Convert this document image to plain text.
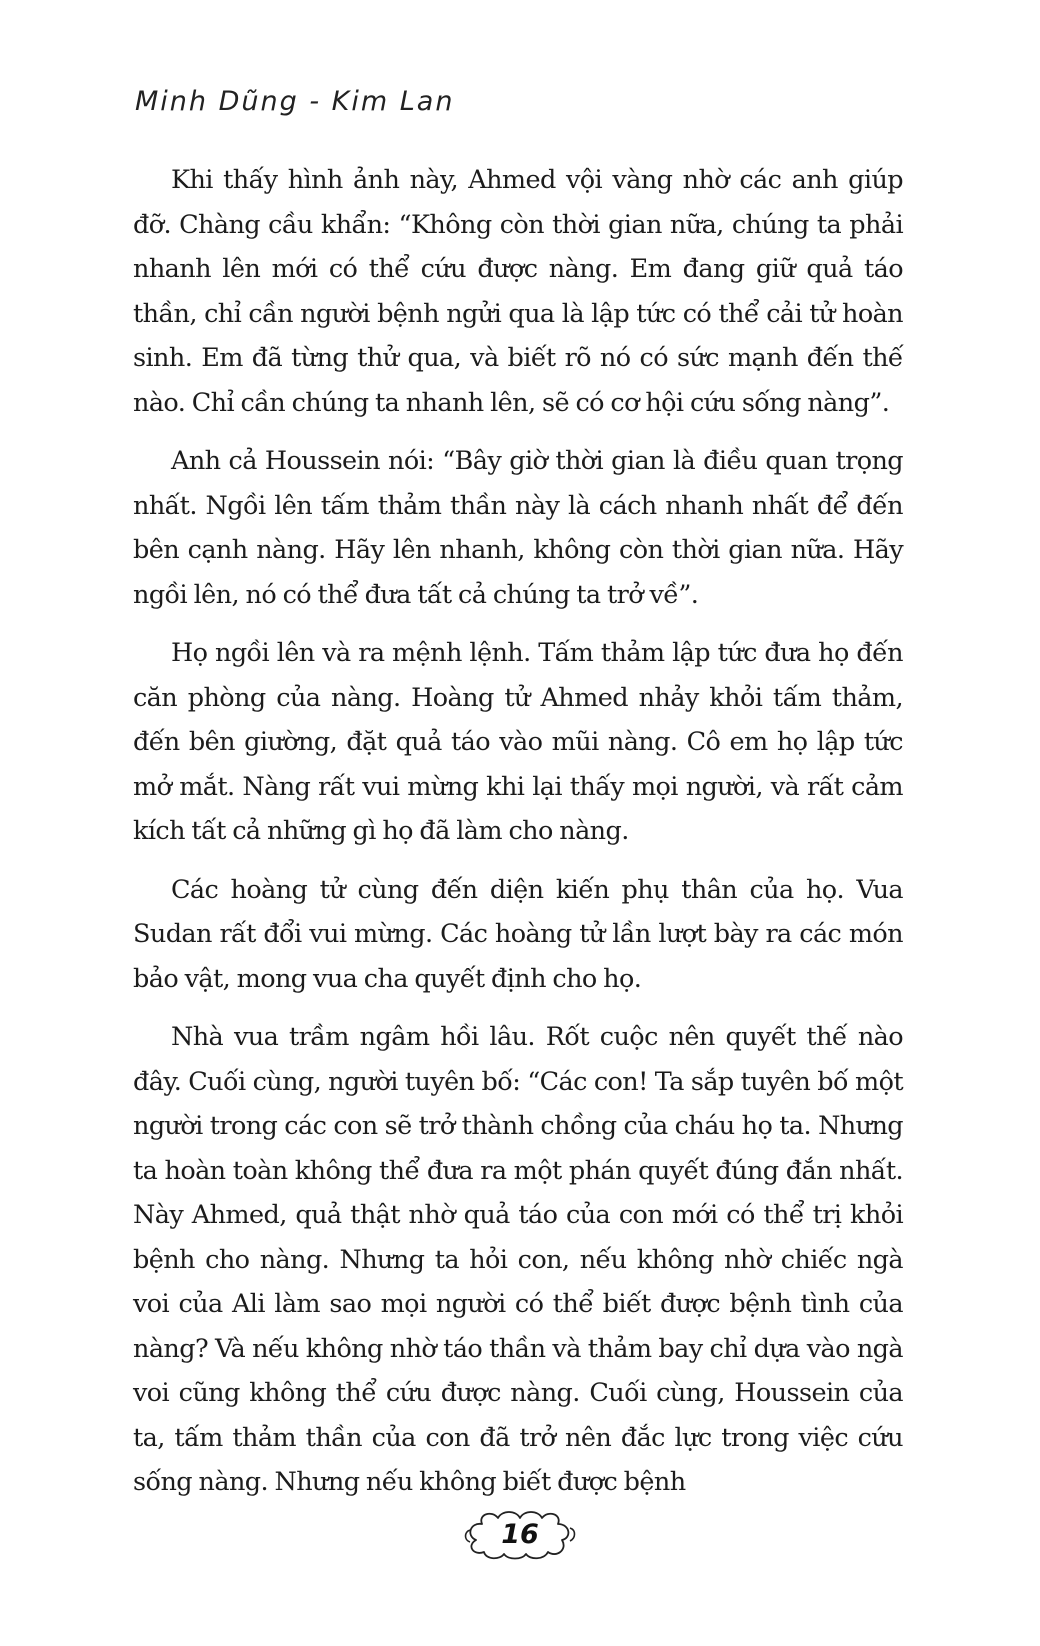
Minh Dũng - Kim Lan

Khi thấy hình ảnh này, Ahmed vội vàng nhờ các anh giúp đỡ. Chàng cầu khẩn: “Không còn thời gian nữa, chúng ta phải nhanh lên mới có thể cứu được nàng. Em đang giữ quả táo thần, chỉ cần người bệnh ngửi qua là lập tức có thể cải tử hoàn sinh. Em đã từng thử qua, và biết rõ nó có sức mạnh đến thế nào. Chỉ cần chúng ta nhanh lên, sẽ có cơ hội cứu sống nàng”.

Anh cả Houssein nói: “Bây giờ thời gian là điều quan trọng nhất. Ngồi lên tấm thảm thần này là cách nhanh nhất để đến bên cạnh nàng. Hãy lên nhanh, không còn thời gian nữa. Hãy ngồi lên, nó có thể đưa tất cả chúng ta trở về”.

Họ ngồi lên và ra mệnh lệnh. Tấm thảm lập tức đưa họ đến căn phòng của nàng. Hoàng tử Ahmed nhảy khỏi tấm thảm, đến bên giường, đặt quả táo vào mũi nàng. Cô em họ lập tức mở mắt. Nàng rất vui mừng khi lại thấy mọi người, và rất cảm kích tất cả những gì họ đã làm cho nàng.

Các hoàng tử cùng đến diện kiến phụ thân của họ. Vua Sudan rất đổi vui mừng. Các hoàng tử lần lượt bày ra các món bảo vật, mong vua cha quyết định cho họ.

Nhà vua trầm ngâm hồi lâu. Rốt cuộc nên quyết thế nào đây. Cuối cùng, người tuyên bố: “Các con! Ta sắp tuyên bố một người trong các con sẽ trở thành chồng của cháu họ ta. Nhưng ta hoàn toàn không thể đưa ra một phán quyết đúng đắn nhất. Này Ahmed, quả thật nhờ quả táo của con mới có thể trị khỏi bệnh cho nàng. Nhưng ta hỏi con, nếu không nhờ chiếc ngà voi của Ali làm sao mọi người có thể biết được bệnh tình của nàng? Và nếu không nhờ táo thần và thảm bay chỉ dựa vào ngà voi cũng không thể cứu được nàng. Cuối cùng, Houssein của ta, tấm thảm thần của con đã trở nên đắc lực trong việc cứu sống nàng. Nhưng nếu không biết được bệnh

16
